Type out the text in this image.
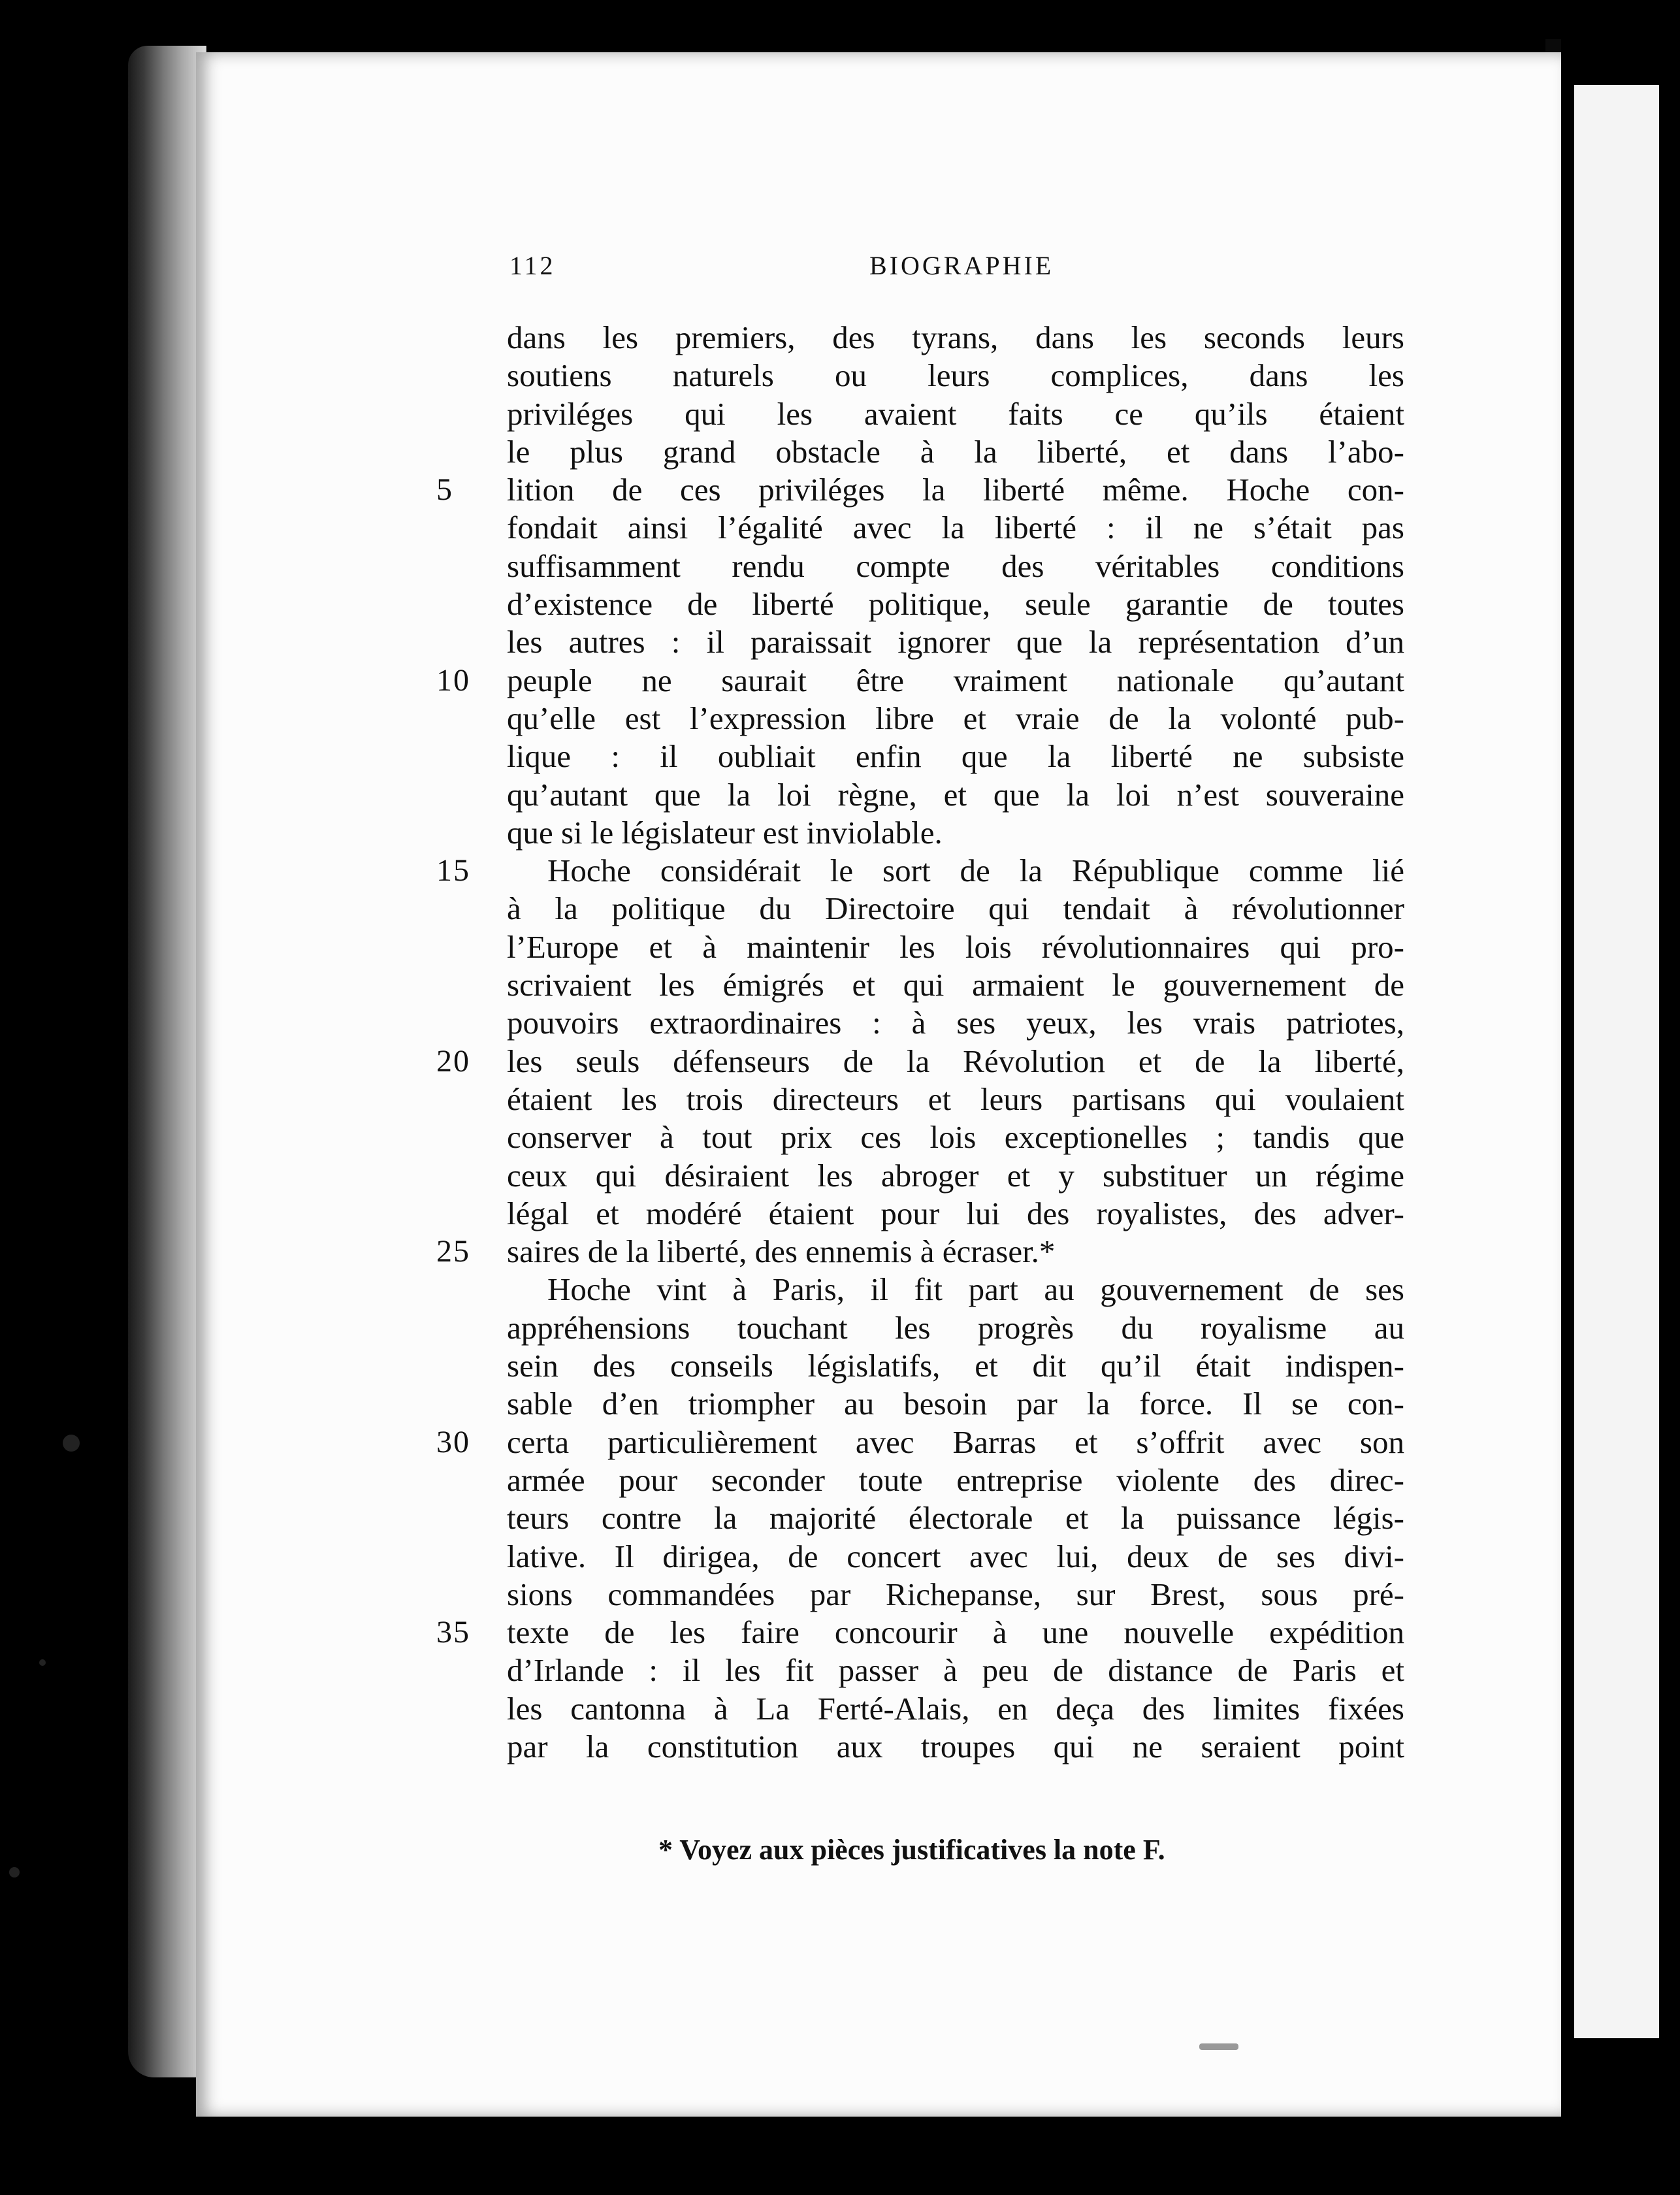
112	BIOGRAPHIE
dans les premiers, des tyrans, dans les seconds leurs
soutiens naturels ou leurs complices, dans les
priviléges qui les avaient faits ce qu’ils étaient
le plus grand obstacle à la liberté, et dans l’abo-
lition de ces priviléges la liberté même. Hoche con-
5
fondait ainsi l’égalité avec la liberté : il ne s’était pas
suffisamment rendu compte des véritables conditions
d’existence de liberté politique, seule garantie de toutes
les autres : il paraissait ignorer que la représentation d’un
peuple ne saurait être vraiment nationale qu’autant
10
qu’elle est l’expression libre et vraie de la volonté pub-
lique : il oubliait enfin que la liberté ne subsiste
qu’autant que la loi règne, et que la loi n’est souveraine
que si le législateur est inviolable.
Hoche considérait le sort de la République comme lié
15
à la politique du Directoire qui tendait à révolutionner
l’Europe et à maintenir les lois révolutionnaires qui pro-
scrivaient les émigrés et qui armaient le gouvernement de
pouvoirs extraordinaires : à ses yeux, les vrais patriotes,
les seuls défenseurs de la Révolution et de la liberté,
20
étaient les trois directeurs et leurs partisans qui voulaient
conserver à tout prix ces lois exceptionelles ; tandis que
ceux qui désiraient les abroger et y substituer un régime
légal et modéré étaient pour lui des royalistes, des adver-
saires de la liberté, des ennemis à écraser.*
25
Hoche vint à Paris, il fit part au gouvernement de ses
appréhensions touchant les progrès du royalisme au
sein des conseils législatifs, et dit qu’il était indispen-
sable d’en triompher au besoin par la force. Il se con-
certa particulièrement avec Barras et s’offrit avec son
30
armée pour seconder toute entreprise violente des direc-
teurs contre la majorité électorale et la puissance légis-
lative. Il dirigea, de concert avec lui, deux de ses divi-
sions commandées par Richepanse, sur Brest, sous pré-
texte de les faire concourir à une nouvelle expédition
35
d’Irlande : il les fit passer à peu de distance de Paris et
les cantonna à La Ferté-Alais, en deça des limites fixées
par la constitution aux troupes qui ne seraient point
* Voyez aux pièces justificatives la note F.
